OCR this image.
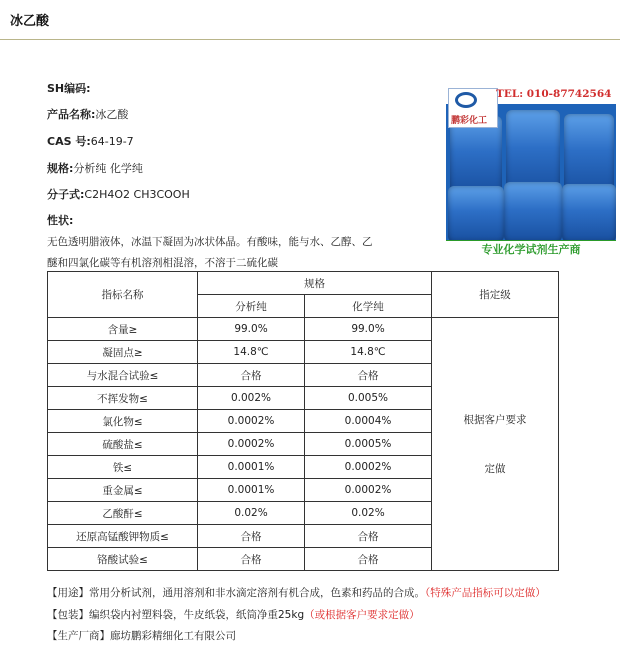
冰乙酸
SH编码:
产品名称:冰乙酸
CAS 号:64-19-7
规格:分析纯 化学纯
分子式:C2H4O2 CH3COOH
性状:
无色透明腊液体，冰温下凝固为冰状体晶。有酸味，能与水、乙醇、乙
醚和四氯化碳等有机溶剂相混溶，不溶于二硫化碳
鹏彩化工
TEL: 010-87742564
专业化学试剂生产商
指标名称	规格		指定级
	分析纯	化学纯	
含量≥	99.0%	99.0%	根据客户要求
定做

凝固点≥	14.8℃	14.8℃	
与水混合试验≤	合格	合格	
不挥发物≤	0.002%	0.005%	
氯化物≤	0.0002%	0.0004%	
硫酸盐≤	0.0002%	0.0005%	
铁≤	0.0001%	0.0002%	
重金属≤	0.0001%	0.0002%	
乙酸酐≤	0.02%	0.02%	
还原高锰酸钾物质≤	合格	合格	
铬酸试验≤	合格	合格	
【用途】常用分析试剂，通用溶剂和非水滴定溶剂有机合成，色素和药品的合成。（特殊产品指标可以定做）
【包装】编织袋内衬塑料袋，牛皮纸袋，纸筒净重25kg（或根据客户要求定做）
【生产厂商】廊坊鹏彩精细化工有限公司
